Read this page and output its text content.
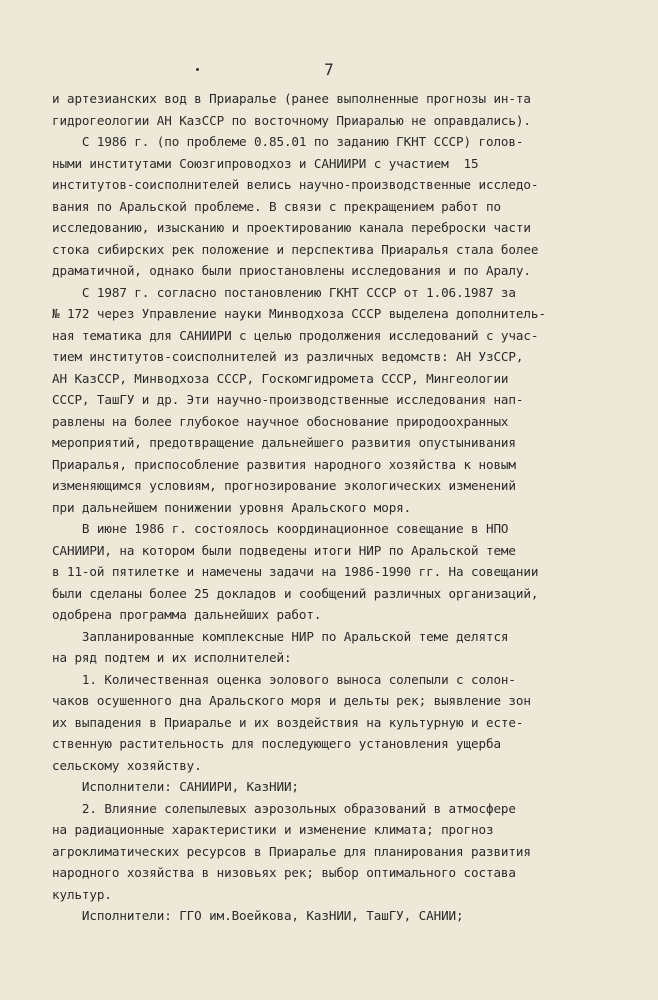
7
и артезианских вод в Приаралье (ранее выполненные прогнозы ин-та
гидрогеологии АН КазССР по восточному Приаралью не оправдались).
С 1986 г. (по проблеме 0.85.01 по заданию ГКНТ СССР) голов-
ными институтами Союзгипроводхоз и САНИИРИ с участием  15
институтов-соисполнителей велись научно-производственные исследо-
вания по Аральской проблеме. В связи с прекращением работ по
исследованию, изысканию и проектированию канала переброски части
стока сибирских рек положение и перспектива Приаралья стала более
драматичной, однако были приостановлены исследования и по Аралу.
С 1987 г. согласно постановлению ГКНТ СССР от 1.06.1987 за
№ 172 через Управление науки Минводхоза СССР выделена дополнитель-
ная тематика для САНИИРИ с целью продолжения исследований с учас-
тием институтов-соисполнителей из различных ведомств: АН УзССР,
АН КазССР, Минводхоза СССР, Госкомгидромета СССР, Мингеологии
СССР, ТашГУ и др. Эти научно-производственные исследования нап-
равлены на более глубокое научное обоснование природоохранных
мероприятий, предотвращение дальнейшего развития опустынивания
Приаралья, приспособление развития народного хозяйства к новым
изменяющимся условиям, прогнозирование экологических изменений
при дальнейшем понижении уровня Аральского моря.
В июне 1986 г. состоялось координационное совещание в НПО
САНИИРИ, на котором были подведены итоги НИР по Аральской теме
в 11-ой пятилетке и намечены задачи на 1986-1990 гг. На совещании
были сделаны более 25 докладов и сообщений различных организаций,
одобрена программа дальнейших работ.
Запланированные комплексные НИР по Аральской теме делятся
на ряд подтем и их исполнителей:
1. Количественная оценка эолового выноса солепыли с солон-
чаков осушенного дна Аральского моря и дельты рек; выявление зон
их выпадения в Приаралье и их воздействия на культурную и есте-
ственную растительность для последующего установления ущерба
сельскому хозяйству.
Исполнители: САНИИРИ, КазНИИ;
2. Влияние солепылевых аэрозольных образований в атмосфере
на радиационные характеристики и изменение климата; прогноз
агроклиматических ресурсов в Приаралье для планирования развития
народного хозяйства в низовьях рек; выбор оптимального состава
культур.
Исполнители: ГГО им.Воейкова, КазНИИ, ТашГУ, САНИИ;
